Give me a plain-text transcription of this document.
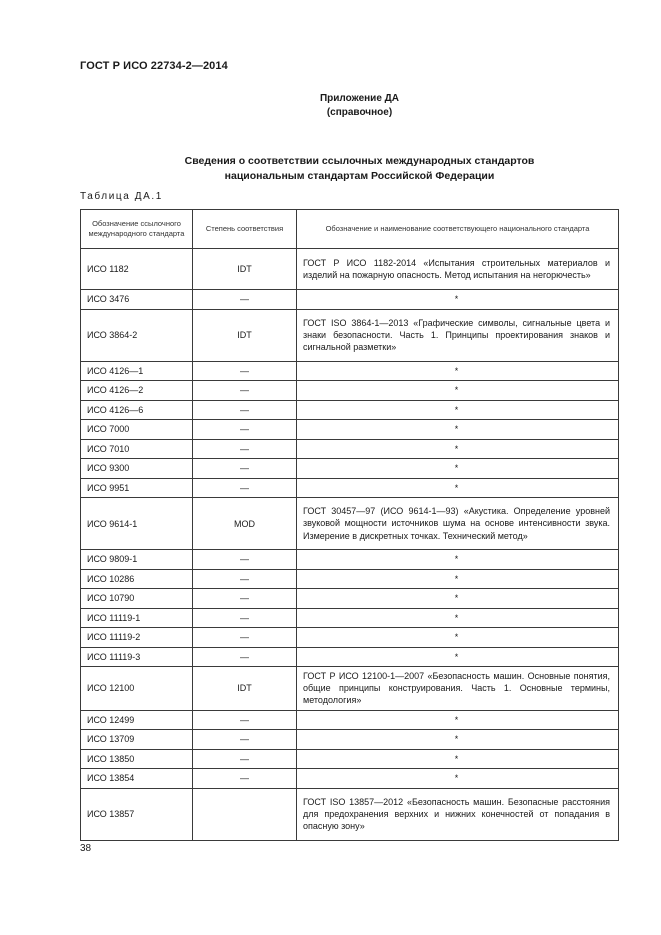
ГОСТ Р ИСО 22734-2—2014
Приложение ДА
(справочное)
Сведения о соответствии ссылочных международных стандартов
национальным стандартам Российской Федерации
Таблица ДА.1
Обозначение ссылочного международного стандарта	Степень соответствия	Обозначение и наименование соответствующего национального стандарта
ИСО 1182	IDT	ГОСТ Р ИСО 1182-2014 «Испытания строительных материалов и изделий на пожарную опасность. Метод испытания на негорючесть»
ИСО 3476	—	*
ИСО 3864-2	IDT	ГОСТ ISO 3864-1—2013 «Графические символы, сигнальные цвета и знаки безопасности. Часть 1. Принципы проектирования знаков и сигнальной разметки»
ИСО 4126—1	—	*
ИСО 4126—2	—	*
ИСО 4126—6	—	*
ИСО 7000	—	*
ИСО 7010	—	*
ИСО 9300	—	*
ИСО 9951	—	*
ИСО 9614-1	MOD	ГОСТ 30457—97 (ИСО 9614-1—93) «Акустика. Определение уровней звуковой мощности источников шума на основе интенсивности звука. Измерение в дискретных точках. Технический метод»
ИСО 9809-1	—	*
ИСО 10286	—	*
ИСО 10790	—	*
ИСО 11119-1	—	*
ИСО 11119-2	—	*
ИСО 11119-3	—	*
ИСО 12100	IDT	ГОСТ Р ИСО 12100-1—2007 «Безопасность машин. Основные понятия, общие принципы конструирования. Часть 1. Основные термины, методология»
ИСО 12499	—	*
ИСО 13709	—	*
ИСО 13850	—	*
ИСО 13854	—	*
ИСО 13857		ГОСТ ISO 13857—2012 «Безопасность машин. Безопасные расстояния для предохранения верхних и нижних конечностей от попадания в опасную зону»
38
